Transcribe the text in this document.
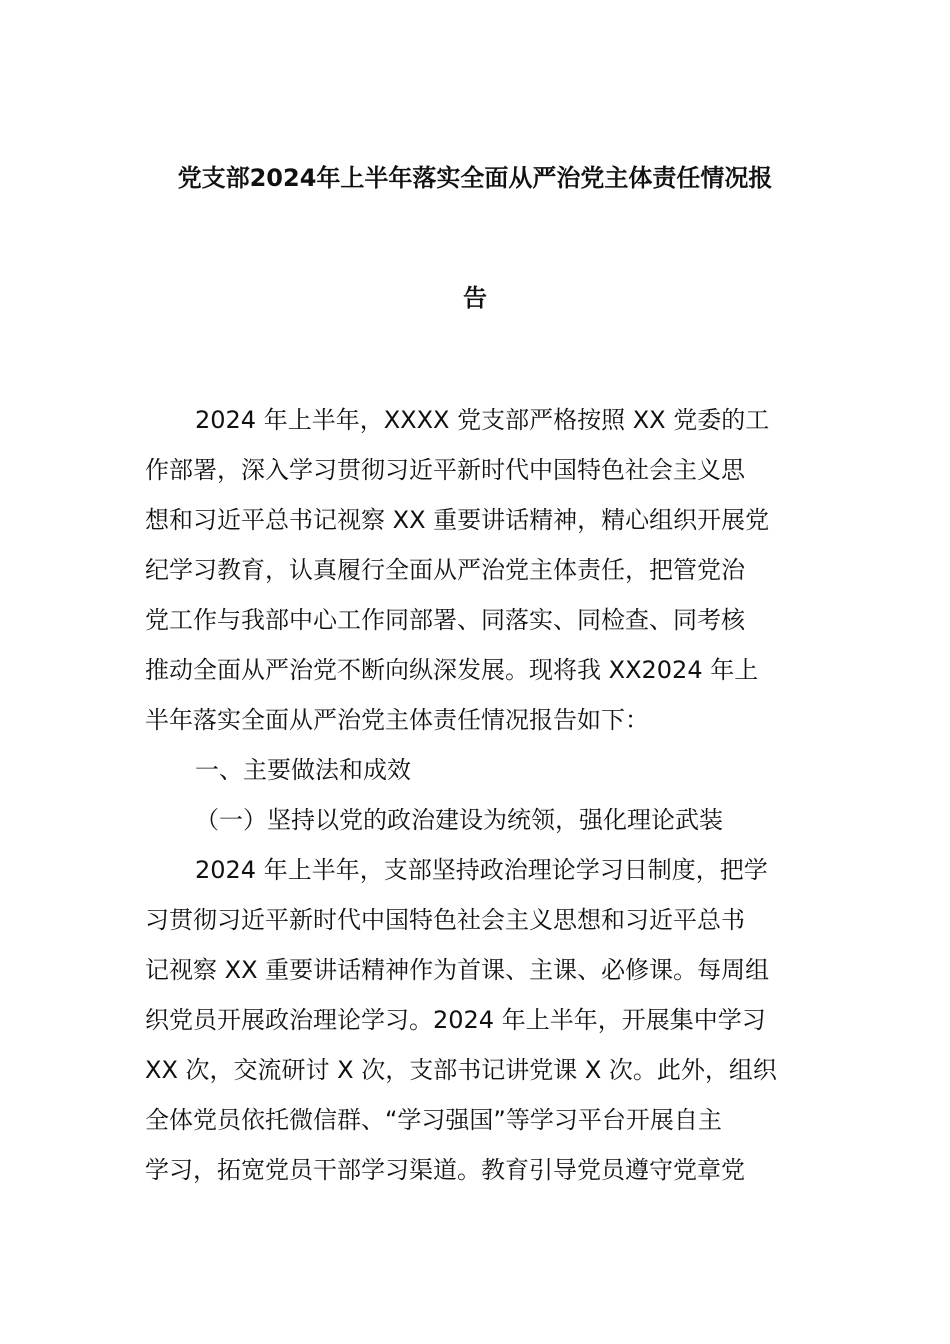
党支部2024年上半年落实全面从严治党主体责任情况报
告
2024 年上半年，XXXX 党支部严格按照 XX 党委的工
作部署，深入学习贯彻习近平新时代中国特色社会主义思
想和习近平总书记视察 XX 重要讲话精神，精心组织开展党
纪学习教育，认真履行全面从严治党主体责任，把管党治
党工作与我部中心工作同部署、同落实、同检查、同考核
推动全面从严治党不断向纵深发展。现将我 XX2024 年上
半年落实全面从严治党主体责任情况报告如下：
一、主要做法和成效
（一）坚持以党的政治建设为统领，强化理论武装
2024 年上半年，支部坚持政治理论学习日制度，把学
习贯彻习近平新时代中国特色社会主义思想和习近平总书
记视察 XX 重要讲话精神作为首课、主课、必修课。每周组
织党员开展政治理论学习。2024 年上半年，开展集中学习
XX 次，交流研讨 X 次，支部书记讲党课 X 次。此外，组织
全体党员依托微信群、“学习强国”等学习平台开展自主
学习，拓宽党员干部学习渠道。教育引导党员遵守党章党
